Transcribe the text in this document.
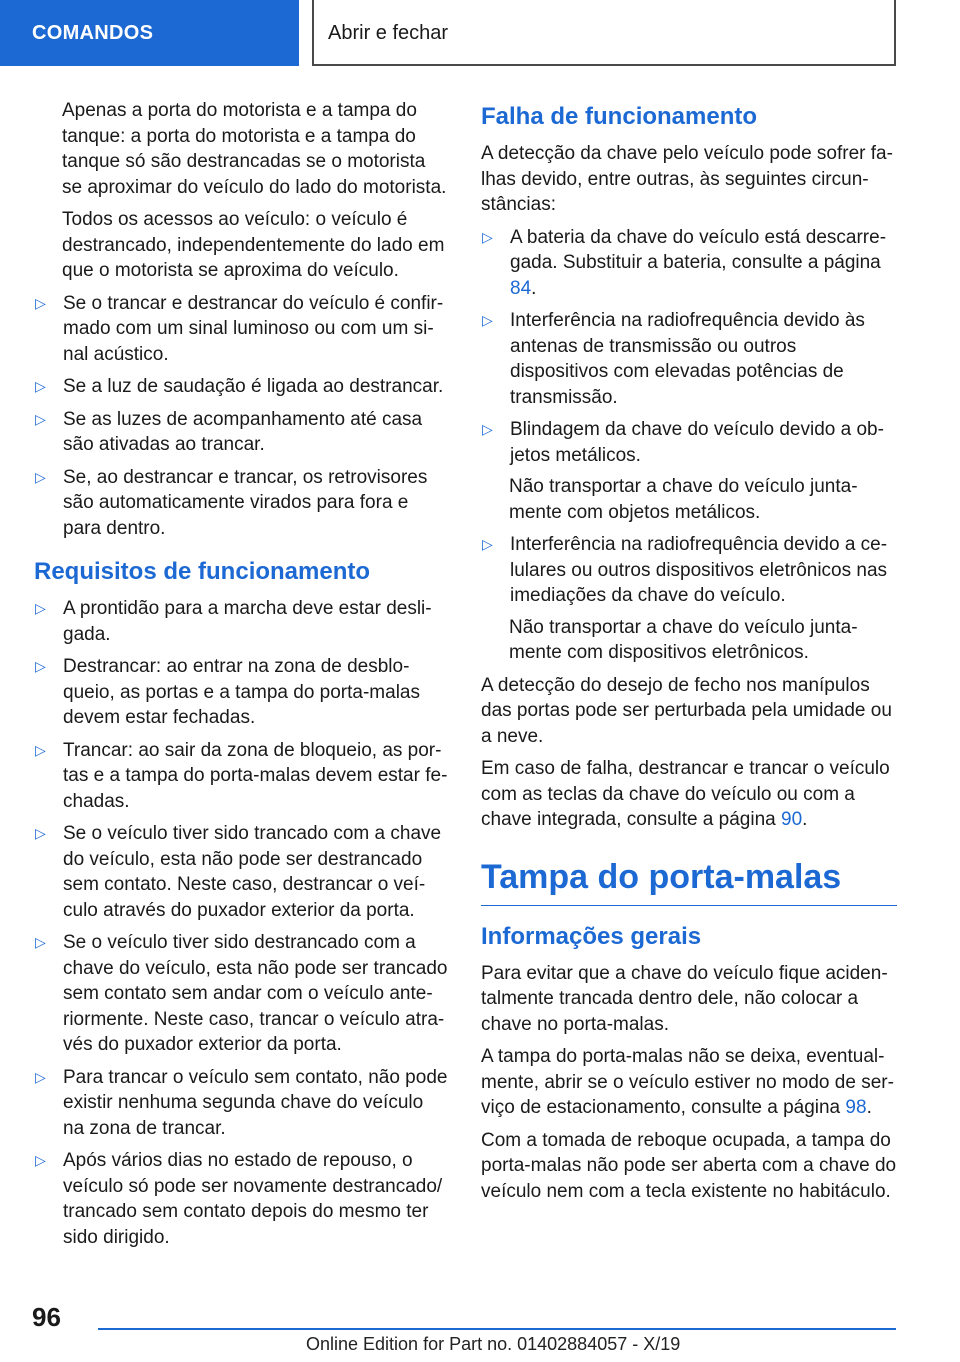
COMANDOS	Abrir e fechar

Apenas a porta do motorista e a tampa do tanque: a porta do motorista e a tampa do tanque só são destrancadas se o motorista se aproximar do veículo do lado do motorista.

Todos os acessos ao veículo: o veículo é destrancado, independentemente do lado em que o motorista se aproxima do veículo.

▷ Se o trancar e destrancar do veículo é confirmado com um sinal luminoso ou com um sinal acústico.
▷ Se a luz de saudação é ligada ao destrancar.
▷ Se as luzes de acompanhamento até casa são ativadas ao trancar.
▷ Se, ao destrancar e trancar, os retrovisores são automaticamente virados para fora e para dentro.
Requisitos de funcionamento
▷ A prontidão para a marcha deve estar desligada.
▷ Destrancar: ao entrar na zona de desbloqueio, as portas e a tampa do porta-malas devem estar fechadas.
▷ Trancar: ao sair da zona de bloqueio, as portas e a tampa do porta-malas devem estar fechadas.
▷ Se o veículo tiver sido trancado com a chave do veículo, esta não pode ser destrancado sem contato. Neste caso, destrancar o veículo através do puxador exterior da porta.
▷ Se o veículo tiver sido destrancado com a chave do veículo, esta não pode ser trancado sem contato sem andar com o veículo anteriormente. Neste caso, trancar o veículo através do puxador exterior da porta.
▷ Para trancar o veículo sem contato, não pode existir nenhuma segunda chave do veículo na zona de trancar.
▷ Após vários dias no estado de repouso, o veículo só pode ser novamente destrancado/ trancado sem contato depois do mesmo ter sido dirigido.
Falha de funcionamento

A detecção da chave pelo veículo pode sofrer falhas devido, entre outras, às seguintes circunstâncias:

▷ A bateria da chave do veículo está descarregada. Substituir a bateria, consulte a página 84.
▷ Interferência na radiofrequência devido às antenas de transmissão ou outros dispositivos com elevadas potências de transmissão.
▷ Blindagem da chave do veículo devido a objetos metálicos.

Não transportar a chave do veículo juntamente com objetos metálicos.

▷ Interferência na radiofrequência devido a celulares ou outros dispositivos eletrônicos nas imediações da chave do veículo.

Não transportar a chave do veículo juntamente com dispositivos eletrônicos.

A detecção do desejo de fecho nos manípulos das portas pode ser perturbada pela umidade ou a neve.

Em caso de falha, destrancar e trancar o veículo com as teclas da chave do veículo ou com a chave integrada, consulte a página 90.

Tampa do porta-malas
Informações gerais

Para evitar que a chave do veículo fique acidentalmente trancada dentro dele, não colocar a chave no porta-malas.

A tampa do porta-malas não se deixa, eventualmente, abrir se o veículo estiver no modo de serviço de estacionamento, consulte a página 98.

Com a tomada de reboque ocupada, a tampa do porta-malas não pode ser aberta com a chave do veículo nem com a tecla existente no habitáculo.

96
Online Edition for Part no. 01402884057 - X/19
